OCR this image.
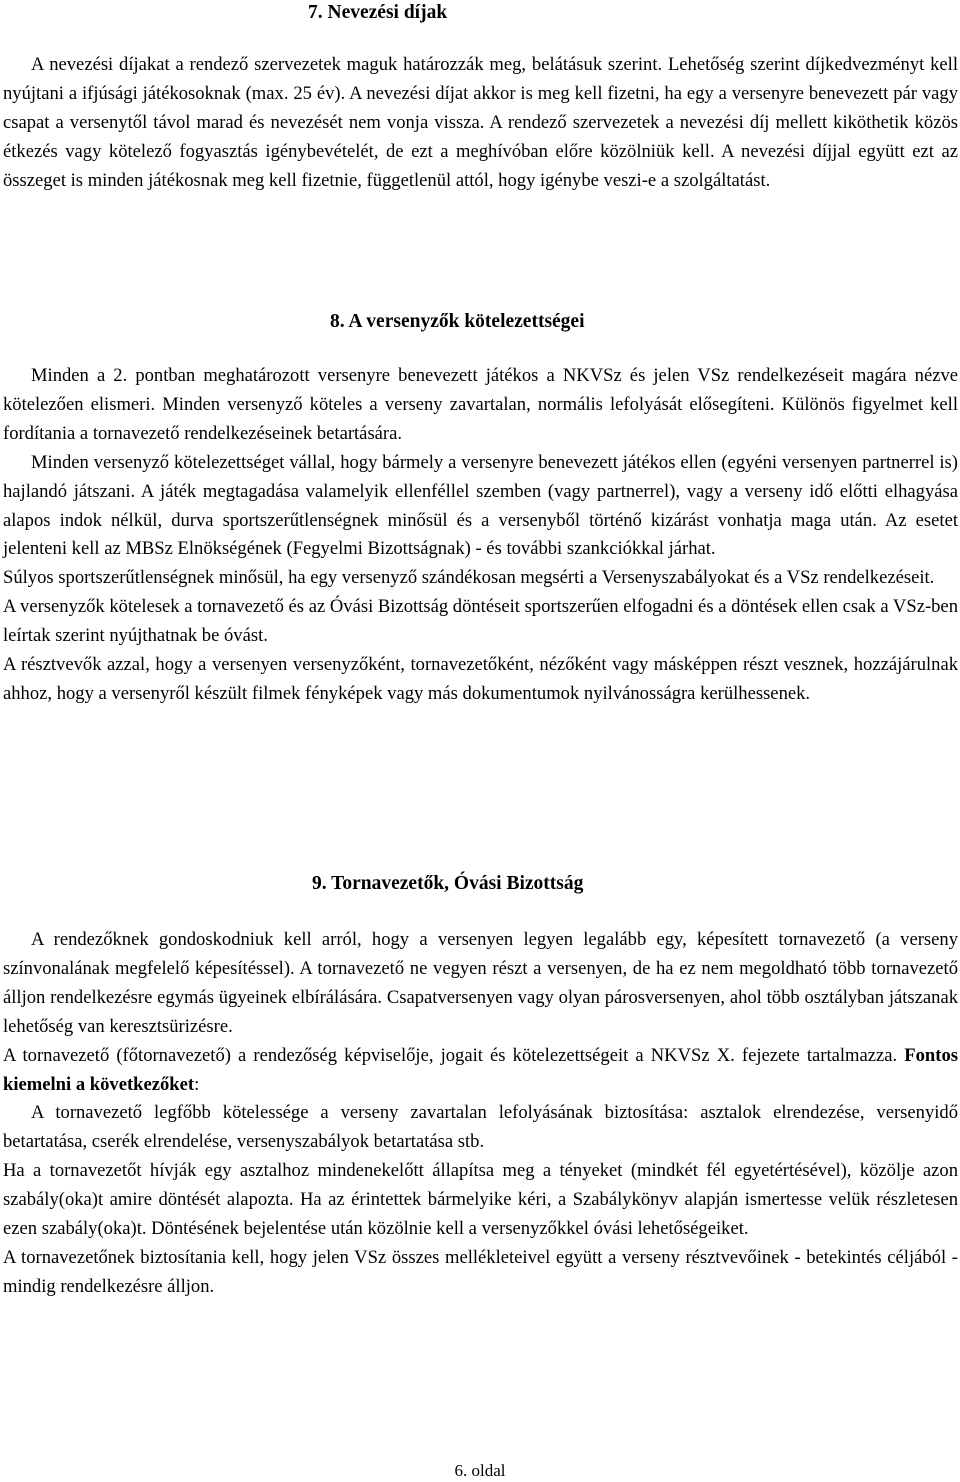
7. Nevezési díjak

A nevezési díjakat a rendező szervezetek maguk határozzák meg, belátásuk szerint. Lehetőség szerint díjkedvezményt kell nyújtani a ifjúsági játékosoknak (max. 25 év). A nevezési díjat akkor is meg kell fizetni, ha egy a versenyre benevezett pár vagy csapat a versenytől távol marad és nevezését nem vonja vissza. A rendező szervezetek a nevezési díj mellett kiköthetik közös étkezés vagy kötelező fogyasztás igénybevételét, de ezt a meghívóban előre közölniük kell. A nevezési díjjal együtt ezt az összeget is minden játékosnak meg kell fizetnie, függetlenül attól, hogy igénybe veszi-e a szolgáltatást.

8. A versenyzők kötelezettségei

Minden a 2. pontban meghatározott versenyre benevezett játékos a NKVSz és jelen VSz rendelkezéseit magára nézve kötelezően elismeri. Minden versenyző köteles a verseny zavartalan, normális lefolyását elősegíteni. Különös figyelmet kell fordítania a tornavezető rendelkezéseinek betartására.

Minden versenyző kötelezettséget vállal, hogy bármely a versenyre benevezett játékos ellen (egyéni versenyen partnerrel is) hajlandó játszani. A játék megtagadása valamelyik ellenféllel szemben (vagy partnerrel), vagy a verseny idő előtti elhagyása alapos indok nélkül, durva sportszerűtlenségnek minősül és a versenyből történő kizárást vonhatja maga után. Az esetet jelenteni kell az MBSz Elnökségének (Fegyelmi Bizottságnak) - és további szankciókkal járhat.

Súlyos sportszerűtlenségnek minősül, ha egy versenyző szándékosan megsérti a Versenyszabályokat és a VSz rendelkezéseit.

A versenyzők kötelesek a tornavezető és az Óvási Bizottság döntéseit sportszerűen elfogadni és a döntések ellen csak a VSz-ben leírtak szerint nyújthatnak be óvást.

A résztvevők azzal, hogy a versenyen versenyzőként, tornavezetőként, nézőként vagy másképpen részt vesznek, hozzájárulnak ahhoz, hogy a versenyről készült filmek fényképek vagy más dokumentumok nyilvánosságra kerülhessenek.

9. Tornavezetők, Óvási Bizottság

A rendezőknek gondoskodniuk kell arról, hogy a versenyen legyen legalább egy, képesített tornavezető (a verseny színvonalának megfelelő képesítéssel). A tornavezető ne vegyen részt a versenyen, de ha ez nem megoldható több tornavezető álljon rendelkezésre egymás ügyeinek elbírálására. Csapatversenyen vagy olyan párosversenyen, ahol több osztályban játszanak lehetőség van keresztsürizésre.

A tornavezető (főtornavezető) a rendezőség képviselője, jogait és kötelezettségeit a NKVSz X. fejezete tartalmazza. Fontos kiemelni a következőket:

A tornavezető legfőbb kötelessége a verseny zavartalan lefolyásának biztosítása: asztalok elrendezése, versenyidő betartatása, cserék elrendelése, versenyszabályok betartatása stb.

Ha a tornavezetőt hívják egy asztalhoz mindenekelőtt állapítsa meg a tényeket (mindkét fél egyetértésével), közölje azon szabály(oka)t amire döntését alapozta. Ha az érintettek bármelyike kéri, a Szabálykönyv alapján ismertesse velük részletesen ezen szabály(oka)t. Döntésének bejelentése után közölnie kell a versenyzőkkel óvási lehetőségeiket.

A tornavezetőnek biztosítania kell, hogy jelen VSz összes mellékleteivel együtt a verseny résztvevőinek - betekintés céljából - mindig rendelkezésre álljon.

6. oldal
